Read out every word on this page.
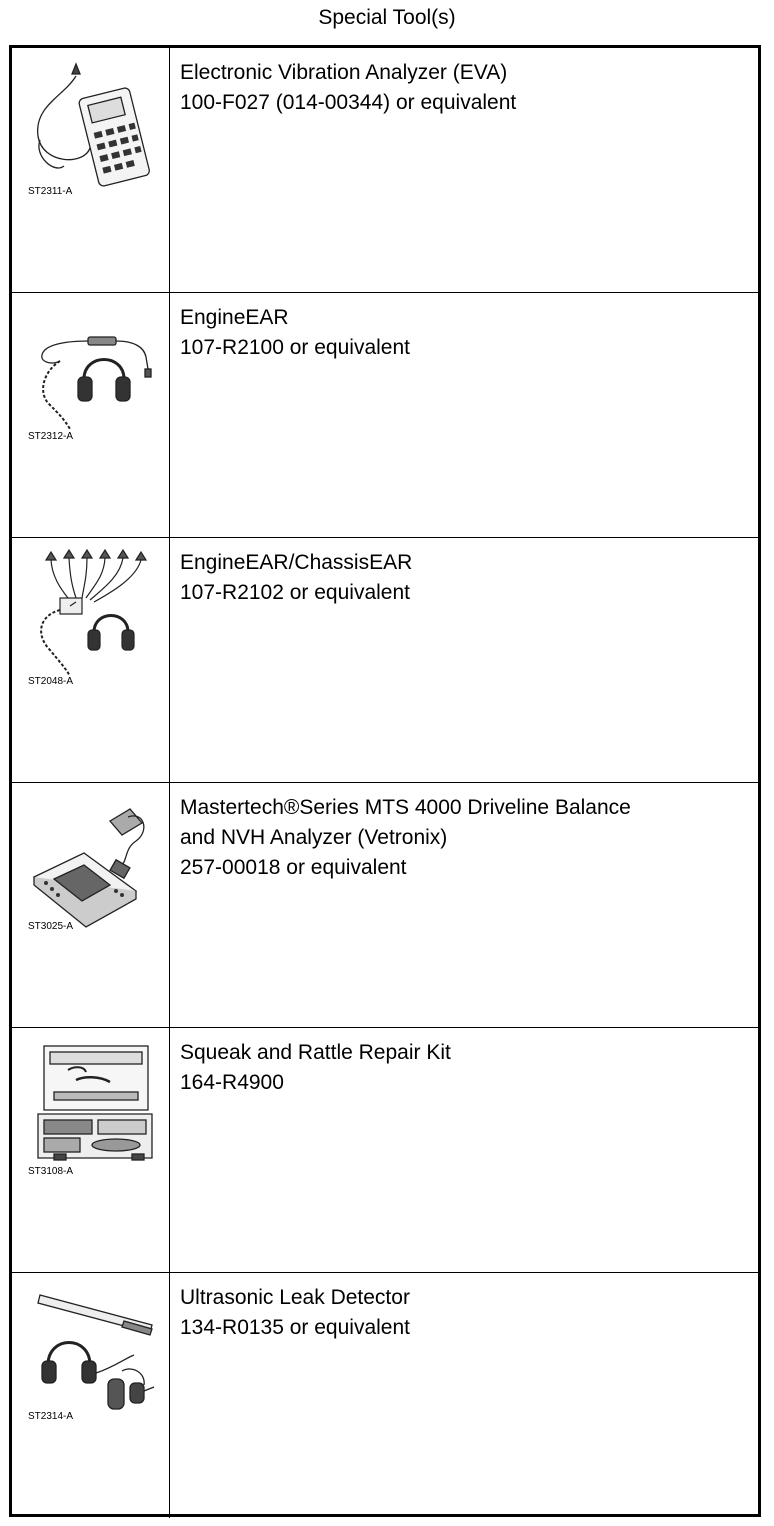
Special Tool(s)
ST2311-A
Electronic Vibration Analyzer (EVA)
100-F027 (014-00344) or equivalent
ST2312-A
EngineEAR
107-R2100 or equivalent
ST2048-A
EngineEAR/ChassisEAR
107-R2102 or equivalent
ST3025-A
Mastertech®Series MTS 4000 Driveline Balance
and NVH Analyzer (Vetronix)
257-00018 or equivalent
ST3108-A
Squeak and Rattle Repair Kit
164-R4900
ST2314-A
Ultrasonic Leak Detector
134-R0135 or equivalent
